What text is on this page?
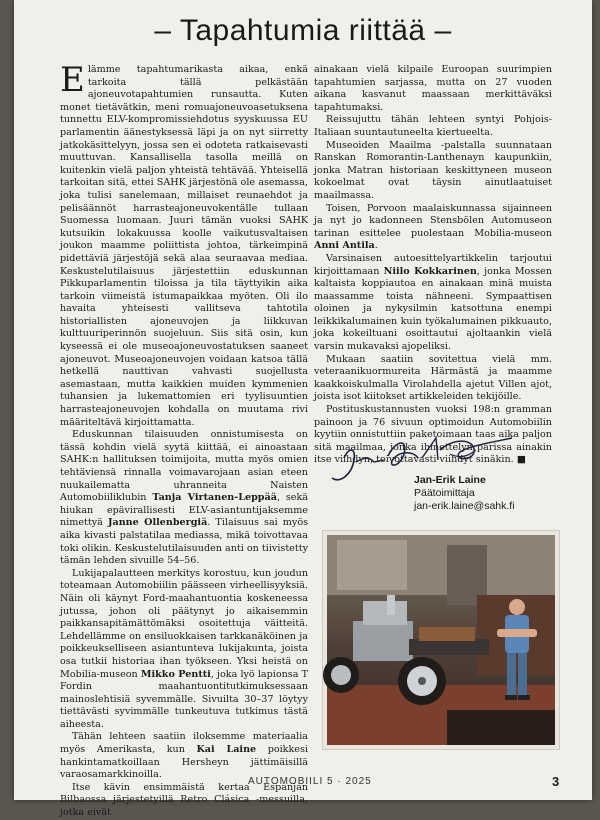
– Tapahtumia riittää –

Elämme tapahtumarikasta aikaa, enkä tarkoita tällä pelkästään ajoneuvotapahtumien runsautta. Kuten monet tietävätkin, meni romuajoneuvoasetuksena tunnettu ELV-kompromissiehdotus syyskuussa EU parlamentin äänestyksessä läpi ja on nyt siirretty jatkokäsittelyyn, jossa sen ei odoteta ratkaisevasti muuttuvan. Kansallisella tasolla meillä on kuitenkin vielä paljon yhteistä tehtävää. Yhteisellä tarkoitan sitä, ettei SAHK järjestönä ole asemassa, joka tulisi sanelemaan, millaiset reunaehdot ja pelisäännöt harrasteajoneuvokentälle tullaan Suomessa luomaan. Juuri tämän vuoksi SAHK kutsuikin lokakuussa koolle vaikutusvaltaisen joukon maamme poliittista johtoa, tärkeimpinä pidettäviä järjestöjä sekä alaa seuraavaa mediaa. Keskustelutilaisuus järjestettiin eduskunnan Pikkuparlamentin tiloissa ja tila täyttyikin aika tarkoin viimeistä istumapaikkaa myöten. Oli ilo havaita yhteisesti vallitseva tahtotila historiallisten ajoneuvojen ja liikkuvan kulttuuriperinnön suojeluun. Siis sitä osin, kun kyseessä ei ole museoajoneuvostatuksen saaneet ajoneuvot. Museoajoneuvojen voidaan katsoa tällä hetkellä nauttivan vahvasti suojellusta asemastaan, mutta kaikkien muiden kymmenien tuhansien ja lukemattomien eri tyylisuuntien harrasteajoneuvojen kohdalla on muutama rivi määriteltävä kirjoittamatta.

Eduskunnan tilaisuuden onnistumisesta on tässä kohdin vielä syytä kiittää, ei ainoastaan SAHK:n hallituksen toimijoita, mutta myös omien tehtäviensä rinnalla voimavarojaan asian eteen nuukailematta uhranneita Naisten Automobiiliklubin Tanja Virtanen-Leppää, sekä hiukan epävirallisesti ELV-asiantuntijaksemme nimettyä Janne Ollenbergiä. Tilaisuus sai myös aika kivasti palstatilaa mediassa, mikä toivottavaa toki olikin. Keskustelutilaisuuden anti on tiivistetty tämän lehden sivuille 54–56.

Lukijapalautteen merkitys korostuu, kun joudun toteamaan Automobiilin päässeen virheellisyyksiä. Näin oli käynyt Ford-maahantuontia koskeneessa jutussa, johon oli päätynyt jo aikaisemmin paikkansapitämättömäksi osoitettuja väitteitä. Lehdellämme on ensiluokkaisen tarkkanäköinen ja poikkeukselliseen asiantunteva lukijakunta, joista osa tutkii historiaa ihan työkseen. Yksi heistä on Mobilia-museon Mikko Pentti, joka lyö lapionsa T Fordin maahantuontitutkimuksessaan mainoslehtisiä syvemmälle. Sivuilta 30–37 löytyy tiettävästi syvimmälle tunkeutuva tutkimus tästä aiheesta.

Tähän lehteen saatiin iloksemme materiaalia myös Amerikasta, kun Kai Laine poikkesi hankintamatkoillaan Hersheyn jättimäisillä varaosamarkkinoilla.

Itse kävin ensimmäistä kertaa Espanjan Bilbaossa järjestetyillä Retro Clásica -messuilla, jotka eivät

ainakaan vielä kilpaile Euroopan suurimpien tapahtumien sarjassa, mutta on 27 vuoden aikana kasvanut maassaan merkittäväksi tapahtumaksi.

Reissujuttu tähän lehteen syntyi Pohjois-Italiaan suuntautuneelta kiertueelta.

Museoiden Maailma -palstalla suunnataan Ranskan Romorantin-Lanthenayn kaupunkiin, jonka Matran historiaan keskittyneen museon kokoelmat ovat täysin ainutlaatuiset maailmassa.

Toisen, Porvoon maalaiskunnassa sijainneen ja nyt jo kadonneen Stensbölen Automuseon tarinan esittelee puolestaan Mobilia-museon Anni Antila.

Varsinaisen autoesittelyartikkelin tarjoutui kirjoittamaan Niilo Kokkarinen, jonka Mossen kaltaista koppiautoa en ainakaan minä muista maassamme toista nähneeni. Sympaattisen oloinen ja nykysilmin katsottuna enempi leikkikalumainen kuin työkalumainen pikkuauto, joka kokeiltuani osoittautui ajoltaankin vielä varsin mukavaksi ajopeliksi.

Mukaan saatiin sovitettua vielä mm. veteraanikuormureita Härmästä ja maamme kaakkoiskulmalla Virolahdella ajetut Villen ajot, joista isot kiitokset artikkeleiden tekijöille.

Postituskustannusten vuoksi 198:n gramman painoon ja 76 sivuun optimoidun Automobiilin kyytiin onnistuttiin paketoimaan taas aika paljon sitä maailmaa, jonka ihmettelyn parissa ainakin itse viihdyn, toivottavasti viihdyt sinäkin. ■

Jan-Erik Laine
Päätoimittaja
jan-erik.laine@sahk.fi
AUTOMOBIILI 5 · 2025	3
